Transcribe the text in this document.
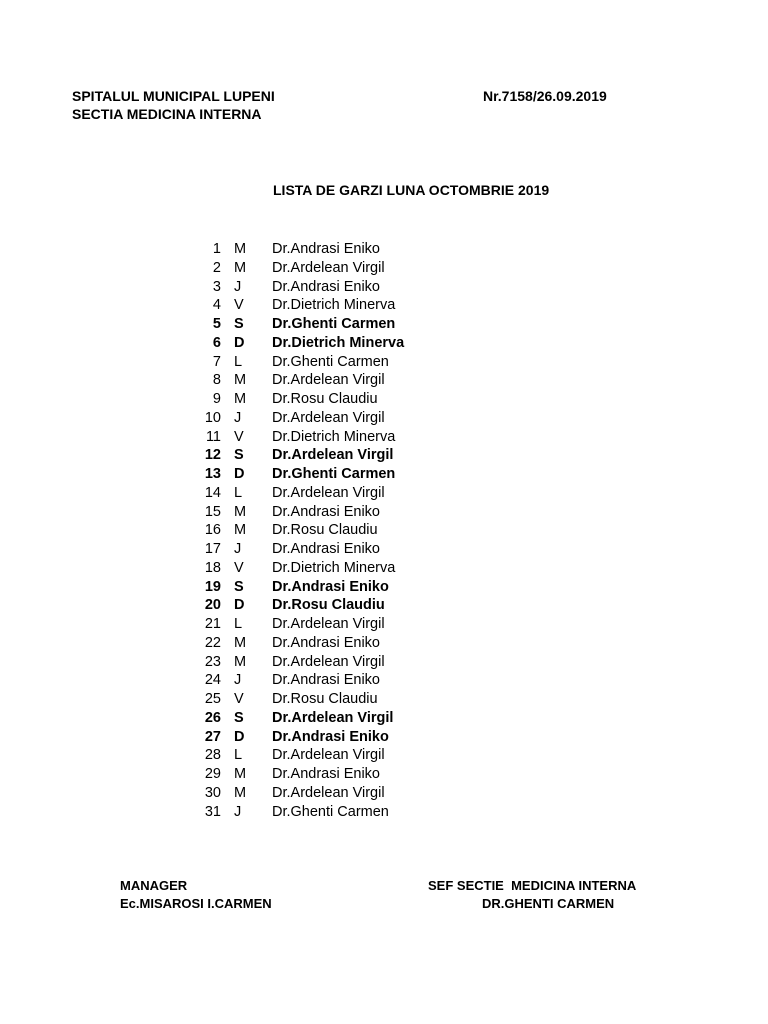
SPITALUL MUNICIPAL LUPENI
SECTIA MEDICINA INTERNA
Nr.7158/26.09.2019
LISTA DE GARZI LUNA OCTOMBRIE 2019
1 M Dr.Andrasi Eniko
2 M Dr.Ardelean Virgil
3 J Dr.Andrasi Eniko
4 V Dr.Dietrich Minerva
5 S Dr.Ghenti Carmen
6 D Dr.Dietrich Minerva
7 L Dr.Ghenti Carmen
8 M Dr.Ardelean Virgil
9 M Dr.Rosu Claudiu
10 J Dr.Ardelean Virgil
11 V Dr.Dietrich Minerva
12 S Dr.Ardelean Virgil
13 D Dr.Ghenti Carmen
14 L Dr.Ardelean Virgil
15 M Dr.Andrasi Eniko
16 M Dr.Rosu Claudiu
17 J Dr.Andrasi Eniko
18 V Dr.Dietrich Minerva
19 S Dr.Andrasi Eniko
20 D Dr.Rosu Claudiu
21 L Dr.Ardelean Virgil
22 M Dr.Andrasi Eniko
23 M Dr.Ardelean Virgil
24 J Dr.Andrasi Eniko
25 V Dr.Rosu Claudiu
26 S Dr.Ardelean Virgil
27 D Dr.Andrasi Eniko
28 L Dr.Ardelean Virgil
29 M Dr.Andrasi Eniko
30 M Dr.Ardelean Virgil
31 J Dr.Ghenti Carmen
MANAGER
Ec.MISAROSI I.CARMEN
SEF SECTIE  MEDICINA INTERNA
DR.GHENTI CARMEN
